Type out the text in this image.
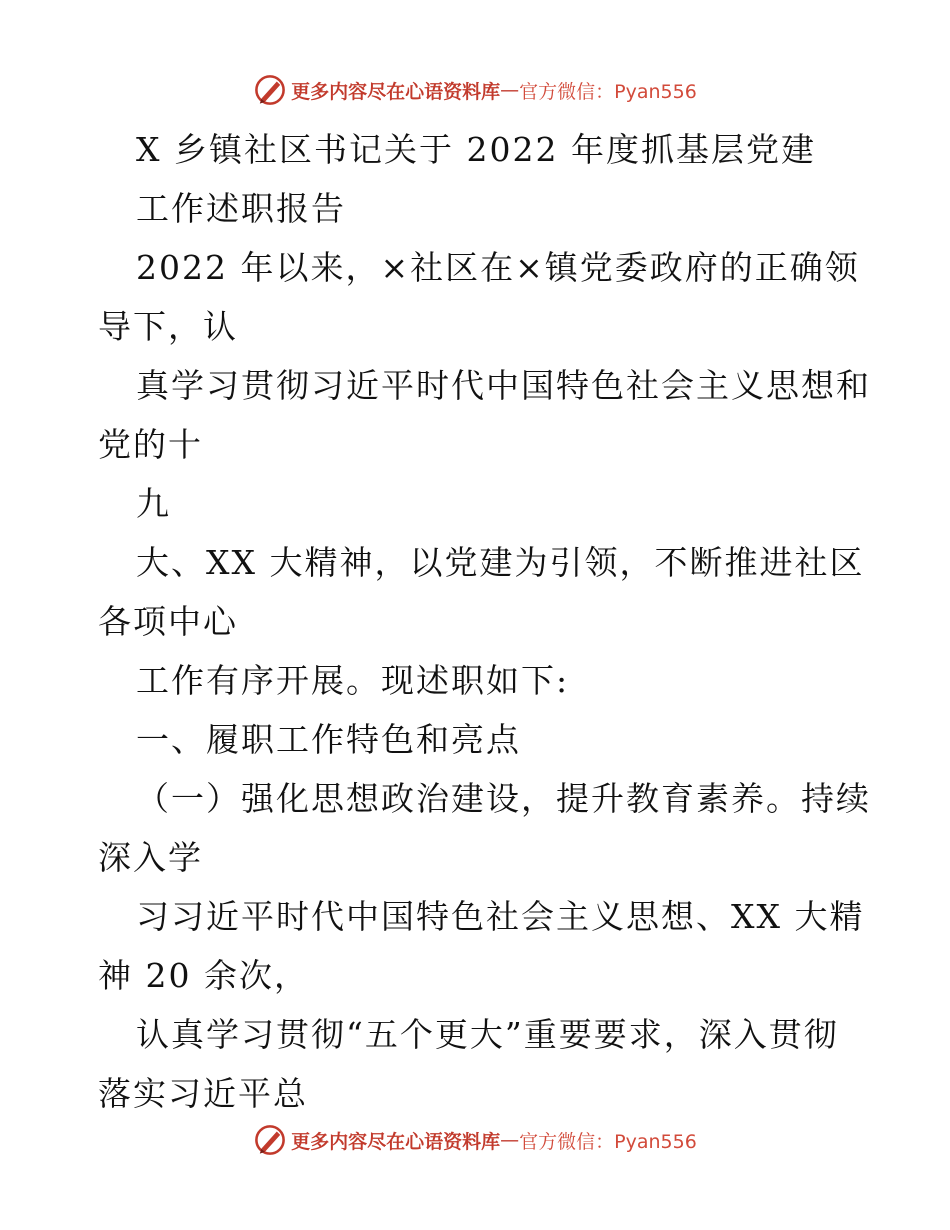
更多内容尽在心语资料库 — 官方微信：Pyan556
X 乡镇社区书记关于 2022 年度抓基层党建
工作述职报告
2022 年以来，×社区在×镇党委政府的正确领
导下，认
真学习贯彻习近平时代中国特色社会主义思想和
党的十
九
大、XX 大精神，以党建为引领，不断推进社区
各项中心
工作有序开展。现述职如下:
一、履职工作特色和亮点
（一）强化思想政治建设，提升教育素养。持续
深入学
习习近平时代中国特色社会主义思想、XX 大精
神 20 余次，
认真学习贯彻“五个更大”重要要求，深入贯彻
落实习近平总
更多内容尽在心语资料库 — 官方微信：Pyan556
